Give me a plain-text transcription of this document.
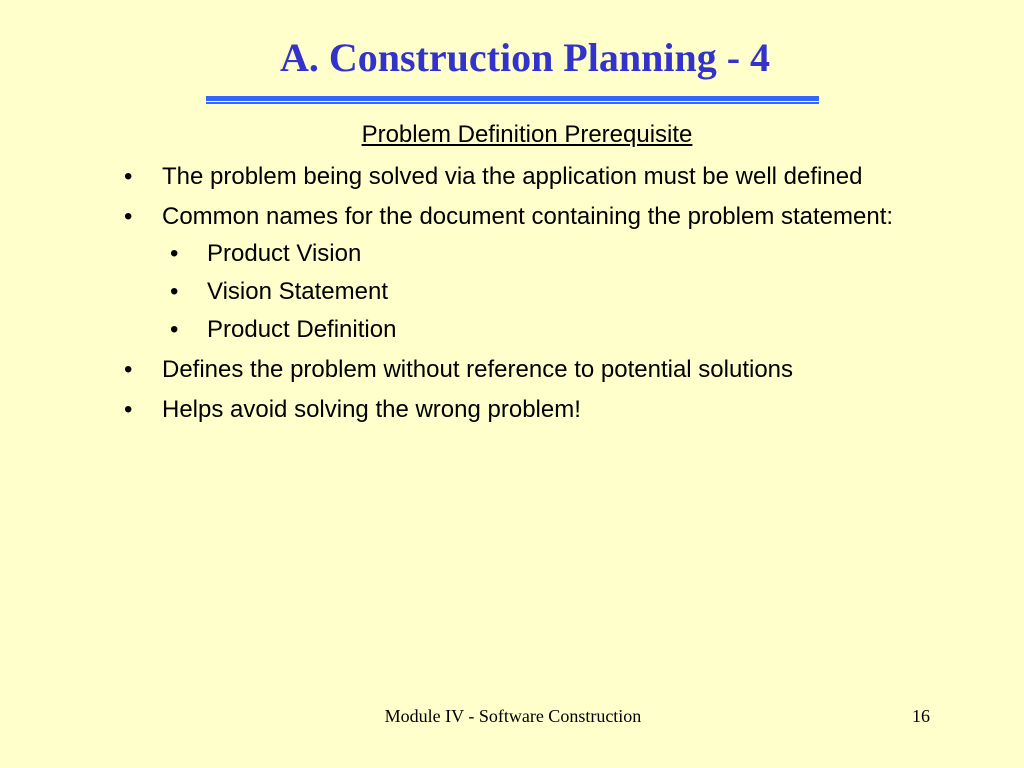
A. Construction Planning - 4
Problem Definition Prerequisite
• The problem being solved via the application must be well defined
• Common names for the document containing the problem statement:
• Product Vision
• Vision Statement
• Product Definition
• Defines the problem without reference to potential solutions
• Helps avoid solving the wrong problem!
Module IV - Software Construction	16
